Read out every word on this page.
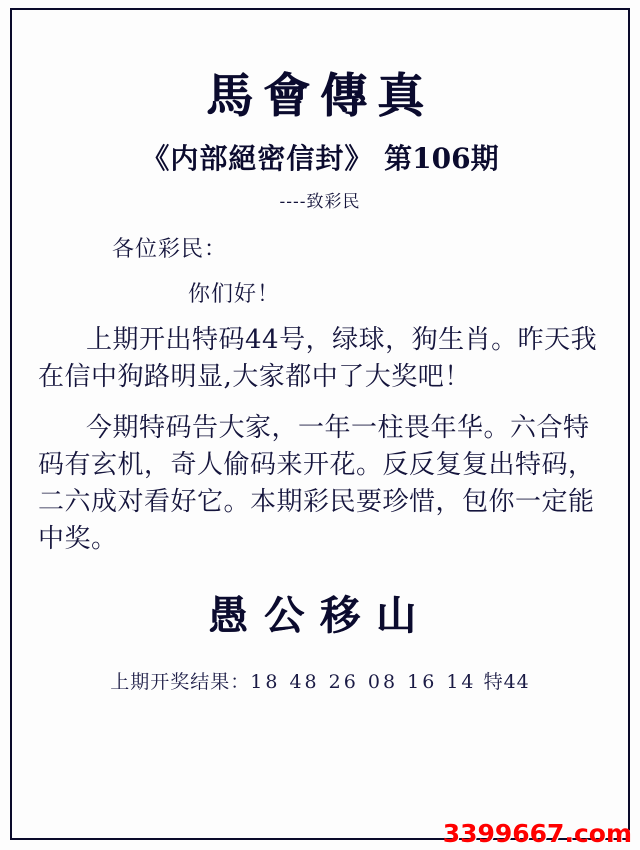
馬會傳真
《内部絕密信封》 第106期
----致彩民
各位彩民：
你们好！
上期开出特码44号，绿球，狗生肖。昨天我在信中狗路明显,大家都中了大奖吧！
今期特码告大家，一年一柱畏年华。六合特码有玄机，奇人偷码来开花。反反复复出特码，二六成对看好它。本期彩民要珍惜，包你一定能中奖。
愚公移山
上期开奖结果：18 48 26 08 16 14 特44
3399667.com
